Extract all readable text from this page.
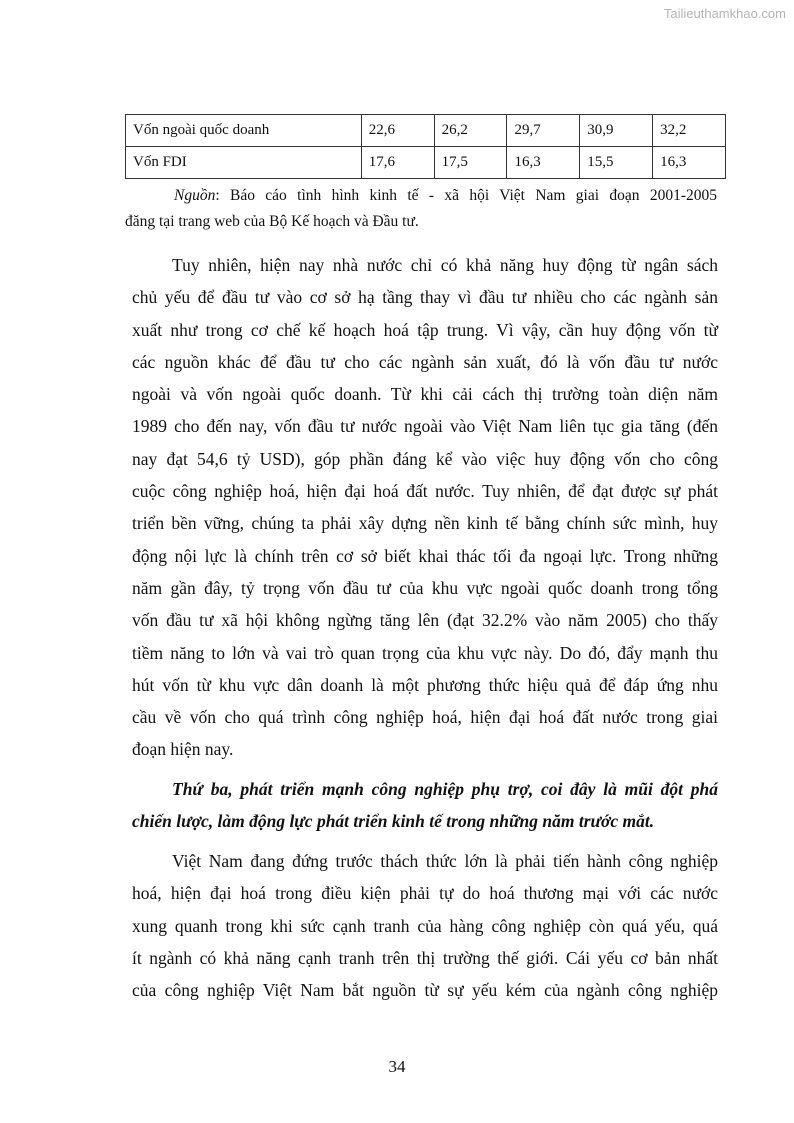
Tailieuthamkhao.com
Vốn ngoài quốc doanh	22,6	26,2	29,7	30,9	32,2
Vốn FDI	17,6	17,5	16,3	15,5	16,3
Nguồn: Báo cáo tình hình kinh tế - xã hội Việt Nam giai đoạn 2001-2005
đăng tại trang web của Bộ Kế hoạch và Đầu tư.
Tuy nhiên, hiện nay nhà nước chỉ có khả năng huy động từ ngân sách
chủ yếu để đầu tư vào cơ sở hạ tầng thay vì đầu tư nhiều cho các ngành sản
xuất như trong cơ chế kế hoạch hoá tập trung. Vì vậy, cần huy động vốn từ
các nguồn khác để đầu tư cho các ngành sản xuất, đó là vốn đầu tư nước
ngoài và vốn ngoài quốc doanh. Từ khi cải cách thị trường toàn diện năm
1989 cho đến nay, vốn đầu tư nước ngoài vào Việt Nam liên tục gia tăng (đến
nay đạt 54,6 tỷ USD), góp phần đáng kể vào việc huy động vốn cho công
cuộc công nghiệp hoá, hiện đại hoá đất nước. Tuy nhiên, để đạt được sự phát
triển bền vững, chúng ta phải xây dựng nền kinh tế bằng chính sức mình, huy
động nội lực là chính trên cơ sở biết khai thác tối đa ngoại lực. Trong những
năm gần đây, tỷ trọng vốn đầu tư của khu vực ngoài quốc doanh trong tổng
vốn đầu tư xã hội không ngừng tăng lên (đạt 32.2% vào năm 2005) cho thấy
tiềm năng to lớn và vai trò quan trọng của khu vực này. Do đó, đẩy mạnh thu
hút vốn từ khu vực dân doanh là một phương thức hiệu quả để đáp ứng nhu
cầu về vốn cho quá trình công nghiệp hoá, hiện đại hoá đất nước trong giai
đoạn hiện nay.
Thứ ba, phát triển mạnh công nghiệp phụ trợ, coi đây là mũi đột phá
chiến lược, làm động lực phát triển kinh tế trong những năm trước mắt.
Việt Nam đang đứng trước thách thức lớn là phải tiến hành công nghiệp
hoá, hiện đại hoá trong điều kiện phải tự do hoá thương mại với các nước
xung quanh trong khi sức cạnh tranh của hàng công nghiệp còn quá yếu, quá
ít ngành có khả năng cạnh tranh trên thị trường thế giới. Cái yếu cơ bản nhất
của công nghiệp Việt Nam bắt nguồn từ sự yếu kém của ngành công nghiệp
34
